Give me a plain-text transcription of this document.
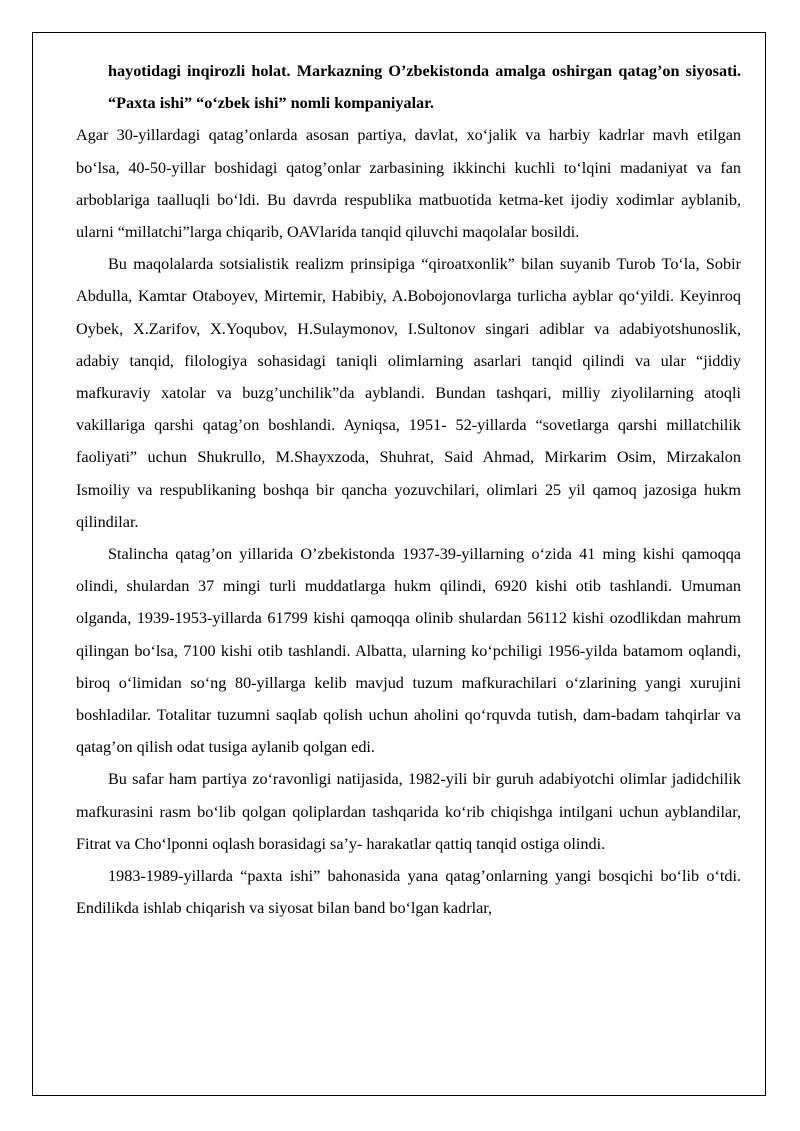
hayotidagi inqirozli holat. Markazning O’zbekistonda amalga oshirgan qatag’on siyosati. “Paxta ishi” “o‘zbek ishi” nomli kompaniyalar.

Agar 30-yillardagi qatag’onlarda asosan partiya, davlat, xo‘jalik va harbiy kadrlar mavh etilgan bo‘lsa, 40-50-yillar boshidagi qatog’onlar zarbasining ikkinchi kuchli to‘lqini madaniyat va fan arboblariga taalluqli bo‘ldi. Bu davrda respublika matbuotida ketma-ket ijodiy xodimlar ayblanib, ularni “millatchi”larga chiqarib, OAVlarida tanqid qiluvchi maqolalar bosildi.

Bu maqolalarda sotsialistik realizm prinsipiga “qiroatxonlik” bilan suyanib Turob To‘la, Sobir Abdulla, Kamtar Otaboyev, Mirtemir, Habibiy, A.Bobojonovlarga turlicha ayblar qo‘yildi. Keyinroq Oybek, X.Zarifov, X.Yoqubov, H.Sulaymonov, I.Sultonov singari adiblar va adabiyotshunoslik, adabiy tanqid, filologiya sohasidagi taniqli olimlarning asarlari tanqid qilindi va ular “jiddiy mafkuraviy xatolar va buzg’unchilik”da ayblandi. Bundan tashqari, milliy ziyolilarning atoqli vakillariga qarshi qatag’on boshlandi. Ayniqsa, 1951- 52-yillarda “sovetlarga qarshi millatchilik faoliyati” uchun Shukrullo, M.Shayxzoda, Shuhrat, Said Ahmad, Mirkarim Osim, Mirzakalon Ismoiliy va respublikaning boshqa bir qancha yozuvchilari, olimlari 25 yil qamoq jazosiga hukm qilindilar.

Stalincha qatag’on yillarida O’zbekistonda 1937-39-yillarning o‘zida 41 ming kishi qamoqqa olindi, shulardan 37 mingi turli muddatlarga hukm qilindi, 6920 kishi otib tashlandi. Umuman olganda, 1939-1953-yillarda 61799 kishi qamoqqa olinib shulardan 56112 kishi ozodlikdan mahrum qilingan bo‘lsa, 7100 kishi otib tashlandi. Albatta, ularning ko‘pchiligi 1956-yilda batamom oqlandi, biroq o‘limidan so‘ng 80-yillarga kelib mavjud tuzum mafkurachilari o‘zlarining yangi xurujini boshladilar. Totalitar tuzumni saqlab qolish uchun aholini qo‘rquvda tutish, dam-badam tahqirlar va qatag’on qilish odat tusiga aylanib qolgan edi.

Bu safar ham partiya zo‘ravonligi natijasida, 1982-yili bir guruh adabiyotchi olimlar jadidchilik mafkurasini rasm bo‘lib qolgan qoliplardan tashqarida ko‘rib chiqishga intilgani uchun ayblandilar, Fitrat va Cho‘lponni oqlash borasidagi sa’y- harakatlar qattiq tanqid ostiga olindi.

1983-1989-yillarda “paxta ishi” bahonasida yana qatag’onlarning yangi bosqichi bo‘lib o‘tdi. Endilikda ishlab chiqarish va siyosat bilan band bo‘lgan kadrlar,
